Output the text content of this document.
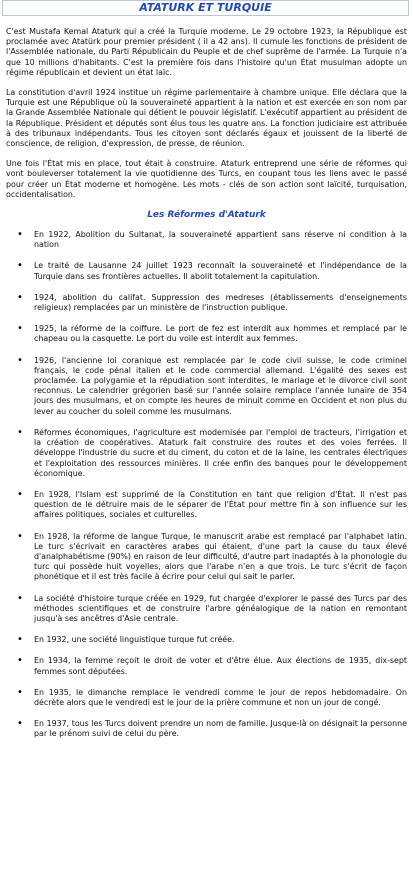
ATATURK ET TURQUIE

C'est Mustafa Kemal Ataturk qui a créé la Turquie moderne. Le 29 octobre 1923, la République est proclamée avec Atatürk pour premier président ( il a 42 ans). Il cumule les fonctions de président de l'Assemblée nationale, du Parti Républicain du Peuple et de chef suprême de l'armée. La Turquie n'a que 10 millions d'habitants. C'est la première fois dans l'histoire qu'un État musulman adopte un régime républicain et devient un état laïc.

La constitution d'avril 1924 institue un régime parlementaire à chambre unique. Elle déclara que la Turquie est une République où la souveraineté appartient à la nation et est exercée en son nom par la Grande Assemblée Nationale qui détient le pouvoir législatif. L'exécutif appartient au président de la République. Président et députés sont élus tous les quatre ans. La fonction judiciaire est attribuée à des tribunaux indépendants. Tous les citoyen sont déclarés égaux et jouissent de la liberté de conscience, de religion, d'expression, de presse, de réunion.

Une fois l'État mis en place, tout était à construire. Ataturk entreprend une série de réformes qui vont bouleverser totalement la vie quotidienne des Turcs, en coupant tous les liens avec le passé pour créer un État moderne et homogène. Les mots - clés de son action sont laïcité, turquisation, occidentalisation.

Les Réformes d'Ataturk
• En 1922, Abolition du Sultanat, la souveraineté appartient sans réserve ni condition à la nation
• Le traité de Lausanne 24 juillet 1923 reconnaît la souveraineté et l'indépendance de la Turquie dans ses frontières actuelles. Il abolit totalement la capitulation.
• 1924, abolition du califat. Suppression des medreses (établissements d'enseignements religieux) remplacées par un ministère de l'instruction publique.
• 1925, la réforme de la coiffure. Le port de fez est interdit aux hommes et remplacé par le chapeau ou la casquette. Le port du voile est interdit aux femmes.
• 1926, l'ancienne loi coranique est remplacée par le code civil suisse, le code criminel français, le code pénal italien et le code commercial allemand. L'égalité des sexes est proclamée. La polygamie et la répudiation sont interdites, le mariage et le divorce civil sont reconnus. Le calendrier grégorien basé sur l'année solaire remplace l'année lunaire de 354 jours des musulmans, et on compte les heures de minuit comme en Occident et non plus du lever au coucher du soleil comme les musulmans.
• Réformes économiques, l'agriculture est modernisée par l'emploi de tracteurs, l'irrigation et la création de coopératives. Ataturk fait construire des routes et des voies ferrées. Il développe l'industrie du sucre et du ciment, du coton et de la laine, les centrales électriques et l'exploitation des ressources minières. Il crée enfin des banques pour le développement économique.
• En 1928, l'Islam est supprimé de la Constitution en tant que religion d'État. Il n'est pas question de le détruire mais de le séparer de l'État pour mettre fin à son influence sur les affaires politiques, sociales et culturelles.
• En 1928, la réforme de langue Turque, le manuscrit arabe est remplacé par l'alphabet latin. Le turc s'écrivait en caractères arabes qui étaient, d'une part la cause du taux élevé d'analphabétisme (90%) en raison de leur difficulté, d'autre part inadaptés à la phonologie du turc qui possède huit voyelles, alors que l'arabe n'en a que trois. Le turc s'écrit de façon phonétique et il est très facile à écrire pour celui qui sait le parler.
• La société d'histoire turque créée en 1929, fut chargée d'explorer le passé des Turcs par des méthodes scientifiques et de construire l'arbre généalogique de la nation en remontant jusqu'à ses ancêtres d'Asie centrale.
• En 1932, une société linguistique turque fut créée.
• En 1934, la femme reçoit le droit de voter et d'être élue. Aux élections de 1935, dix-sept femmes sont députées.
• En 1935, le dimanche remplace le vendredi comme le jour de repos hebdomadaire. On décrète alors que le vendredi est le jour de la prière commune et non un jour de congé.
• En 1937, tous les Turcs doivent prendre un nom de famille. Jusque-là on désignait la personne par le prénom suivi de celui du père.
